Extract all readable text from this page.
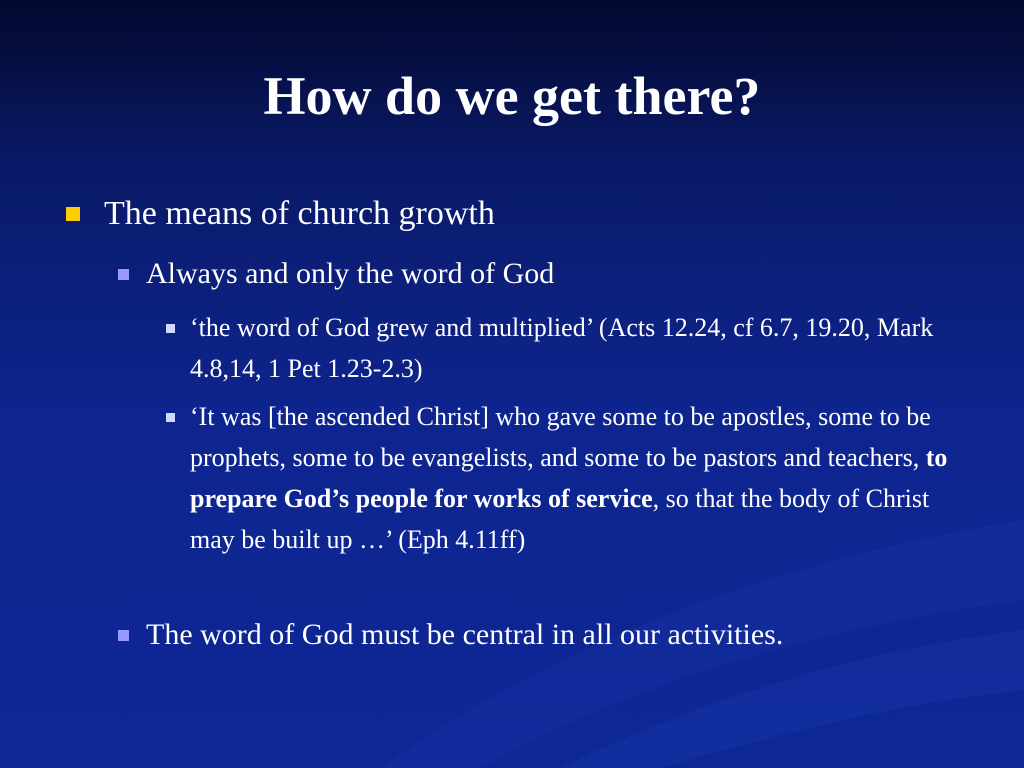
How do we get there?
The means of church growth
Always and only the word of God
‘the word of God grew and multiplied’ (Acts 12.24, cf 6.7, 19.20, Mark 4.8,14, 1 Pet 1.23-2.3)
‘It was [the ascended Christ] who gave some to be apostles, some to be prophets, some to be evangelists, and some to be pastors and teachers, to prepare God’s people for works of service, so that the body of Christ may be built up …’ (Eph 4.11ff)
The word of God must be central in all our activities.
